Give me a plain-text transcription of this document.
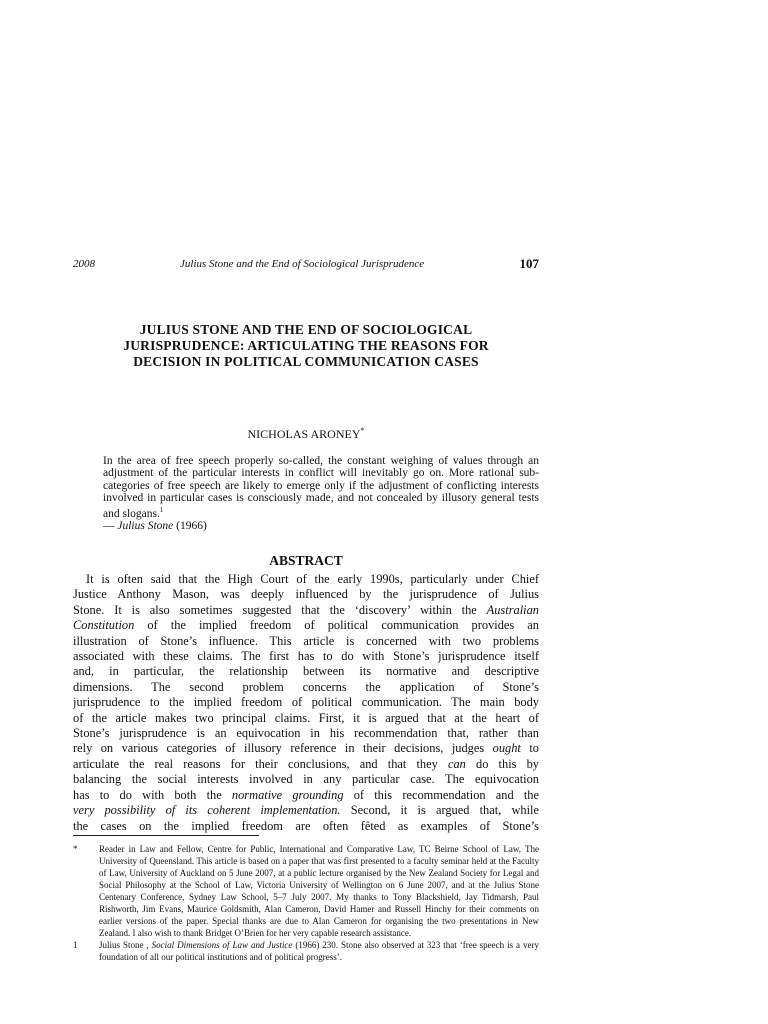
2008	Julius Stone and the End of Sociological Jurisprudence	107
JULIUS STONE AND THE END OF SOCIOLOGICAL
JURISPRUDENCE: ARTICULATING THE REASONS FOR
DECISION IN POLITICAL COMMUNICATION CASES
NICHOLAS ARONEY*
In the area of free speech properly so-called, the constant weighing of values through an adjustment of the particular interests in conflict will inevitably go on. More rational sub-categories of free speech are likely to emerge only if the adjustment of conflicting interests involved in particular cases is consciously made, and not concealed by illusory general tests and slogans.$^1$
— Julius Stone (1966)
ABSTRACT
It is often said that the High Court of the early 1990s, particularly under Chief
Justice Anthony Mason, was deeply influenced by the jurisprudence of Julius
Stone. It is also sometimes suggested that the ‘discovery’ within the Australian
Constitution of the implied freedom of political communication provides an
illustration of Stone’s influence. This article is concerned with two problems
associated with these claims. The first has to do with Stone’s jurisprudence itself
and, in particular, the relationship between its normative and descriptive
dimensions. The second problem concerns the application of Stone’s
jurisprudence to the implied freedom of political communication. The main body
of the article makes two principal claims. First, it is argued that at the heart of
Stone’s jurisprudence is an equivocation in his recommendation that, rather than
rely on various categories of illusory reference in their decisions, judges ought to
articulate the real reasons for their conclusions, and that they can do this by
balancing the social interests involved in any particular case. The equivocation
has to do with both the normative grounding of this recommendation and the
very possibility of its coherent implementation. Second, it is argued that, while
the cases on the implied freedom are often fêted as examples of Stone’s
* Reader in Law and Fellow, Centre for Public, International and Comparative Law, TC Beirne School of Law, The University of Queensland. This article is based on a paper that was first presented to a faculty seminar held at the Faculty of Law, University of Auckland on 5 June 2007, at a public lecture organised by the New Zealand Society for Legal and Social Philosophy at the School of Law, Victoria University of Wellington on 6 June 2007, and at the Julius Stone Centenary Conference, Sydney Law School, 5–7 July 2007. My thanks to Tony Blackshield, Jay Tidmarsh, Paul Rishworth, Jim Evans, Maurice Goldsmith, Alan Cameron, David Hamer and Russell Hinchy for their comments on earlier versions of the paper. Special thanks are due to Alan Cameron for organising the two presentations in New Zealand. I also wish to thank Bridget O’Brien for her very capable research assistance.
1 Julius Stone , Social Dimensions of Law and Justice (1966) 230. Stone also observed at 323 that ‘free speech is a very foundation of all our political institutions and of political progress’.
